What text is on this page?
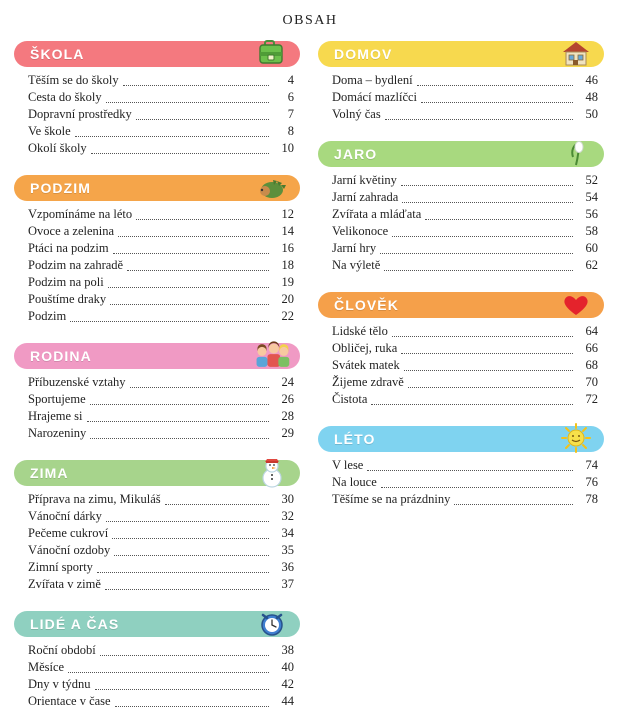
OBSAH
ŠKOLA
Těším se do školy	4
Cesta do školy	6
Dopravní prostředky	7
Ve škole	8
Okolí školy	10
PODZIM
Vzpomínáme na léto	12
Ovoce a zelenina	14
Ptáci na podzim	16
Podzim na zahradě	18
Podzim na poli	19
Pouštíme draky	20
Podzim	22
RODINA
Příbuzenské vztahy	24
Sportujeme	26
Hrajeme si	28
Narozeniny	29
ZIMA
Příprava na zimu, Mikuláš	30
Vánoční dárky	32
Pečeme cukroví	34
Vánoční ozdoby	35
Zimní sporty	36
Zvířata v zimě	37
LIDÉ A ČAS
Roční období	38
Měsíce	40
Dny v týdnu	42
Orientace v čase	44
DOMOV
Doma – bydlení	46
Domácí mazlíčci	48
Volný čas	50
JARO
Jarní květiny	52
Jarní zahrada	54
Zvířata a mláďata	56
Velikonoce	58
Jarní hry	60
Na výletě	62
ČLOVĚK
Lidské tělo	64
Obličej, ruka	66
Svátek matek	68
Žijeme zdravě	70
Čistota	72
LÉTO
V lese	74
Na louce	76
Těšíme se na prázdniny	78
